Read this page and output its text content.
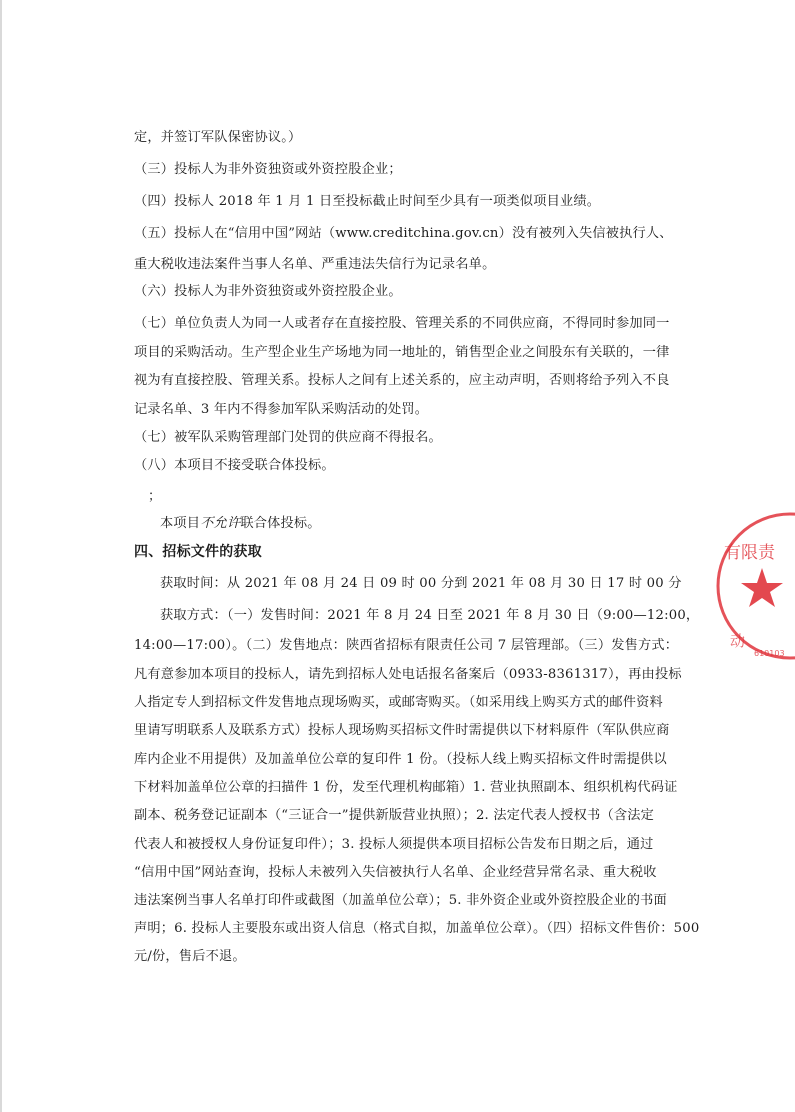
定，并签订军队保密协议。）
（三）投标人为非外资独资或外资控股企业；
（四）投标人 2018 年 1 月 1 日至投标截止时间至少具有一项类似项目业绩。
（五）投标人在“信用中国”网站（www.creditchina.gov.cn）没有被列入失信被执行人、
重大税收违法案件当事人名单、严重违法失信行为记录名单。
（六）投标人为非外资独资或外资控股企业。
（七）单位负责人为同一人或者存在直接控股、管理关系的不同供应商，不得同时参加同一
项目的采购活动。生产型企业生产场地为同一地址的，销售型企业之间股东有关联的，一律
视为有直接控股、管理关系。投标人之间有上述关系的，应主动声明，否则将给予列入不良
记录名单、3 年内不得参加军队采购活动的处罚。
（七）被军队采购管理部门处罚的供应商不得报名。
（八）本项目不接受联合体投标。
；
本项目不允许联合体投标。
四、招标文件的获取
获取时间：从 2021 年 08 月 24 日 09 时 00 分到 2021 年 08 月 30 日 17 时 00 分
获取方式：（一）发售时间：2021 年 8 月 24 日至 2021 年 8 月 30 日（9:00—12:00，
14:00—17:00）。（二）发售地点：陕西省招标有限责任公司 7 层管理部。（三）发售方式：
凡有意参加本项目的投标人，请先到招标人处电话报名备案后（0933-8361317），再由投标
人指定专人到招标文件发售地点现场购买，或邮寄购买。（如采用线上购买方式的邮件资料
里请写明联系人及联系方式）投标人现场购买招标文件时需提供以下材料原件（军队供应商
库内企业不用提供）及加盖单位公章的复印件 1 份。（投标人线上购买招标文件时需提供以
下材料加盖单位公章的扫描件 1 份，发至代理机构邮箱）1. 营业执照副本、组织机构代码证
副本、税务登记证副本（“三证合一”提供新版营业执照）；2. 法定代表人授权书（含法定
代表人和被授权人身份证复印件）；3. 投标人须提供本项目招标公告发布日期之后，通过
“信用中国”网站查询，投标人未被列入失信被执行人名单、企业经营异常名录、重大税收
违法案例当事人名单打印件或截图（加盖单位公章）；5. 非外资企业或外资控股企业的书面
声明；6. 投标人主要股东或出资人信息（格式自拟，加盖单位公章）。（四）招标文件售价：500
元/份，售后不退。
有限责
动
610103
